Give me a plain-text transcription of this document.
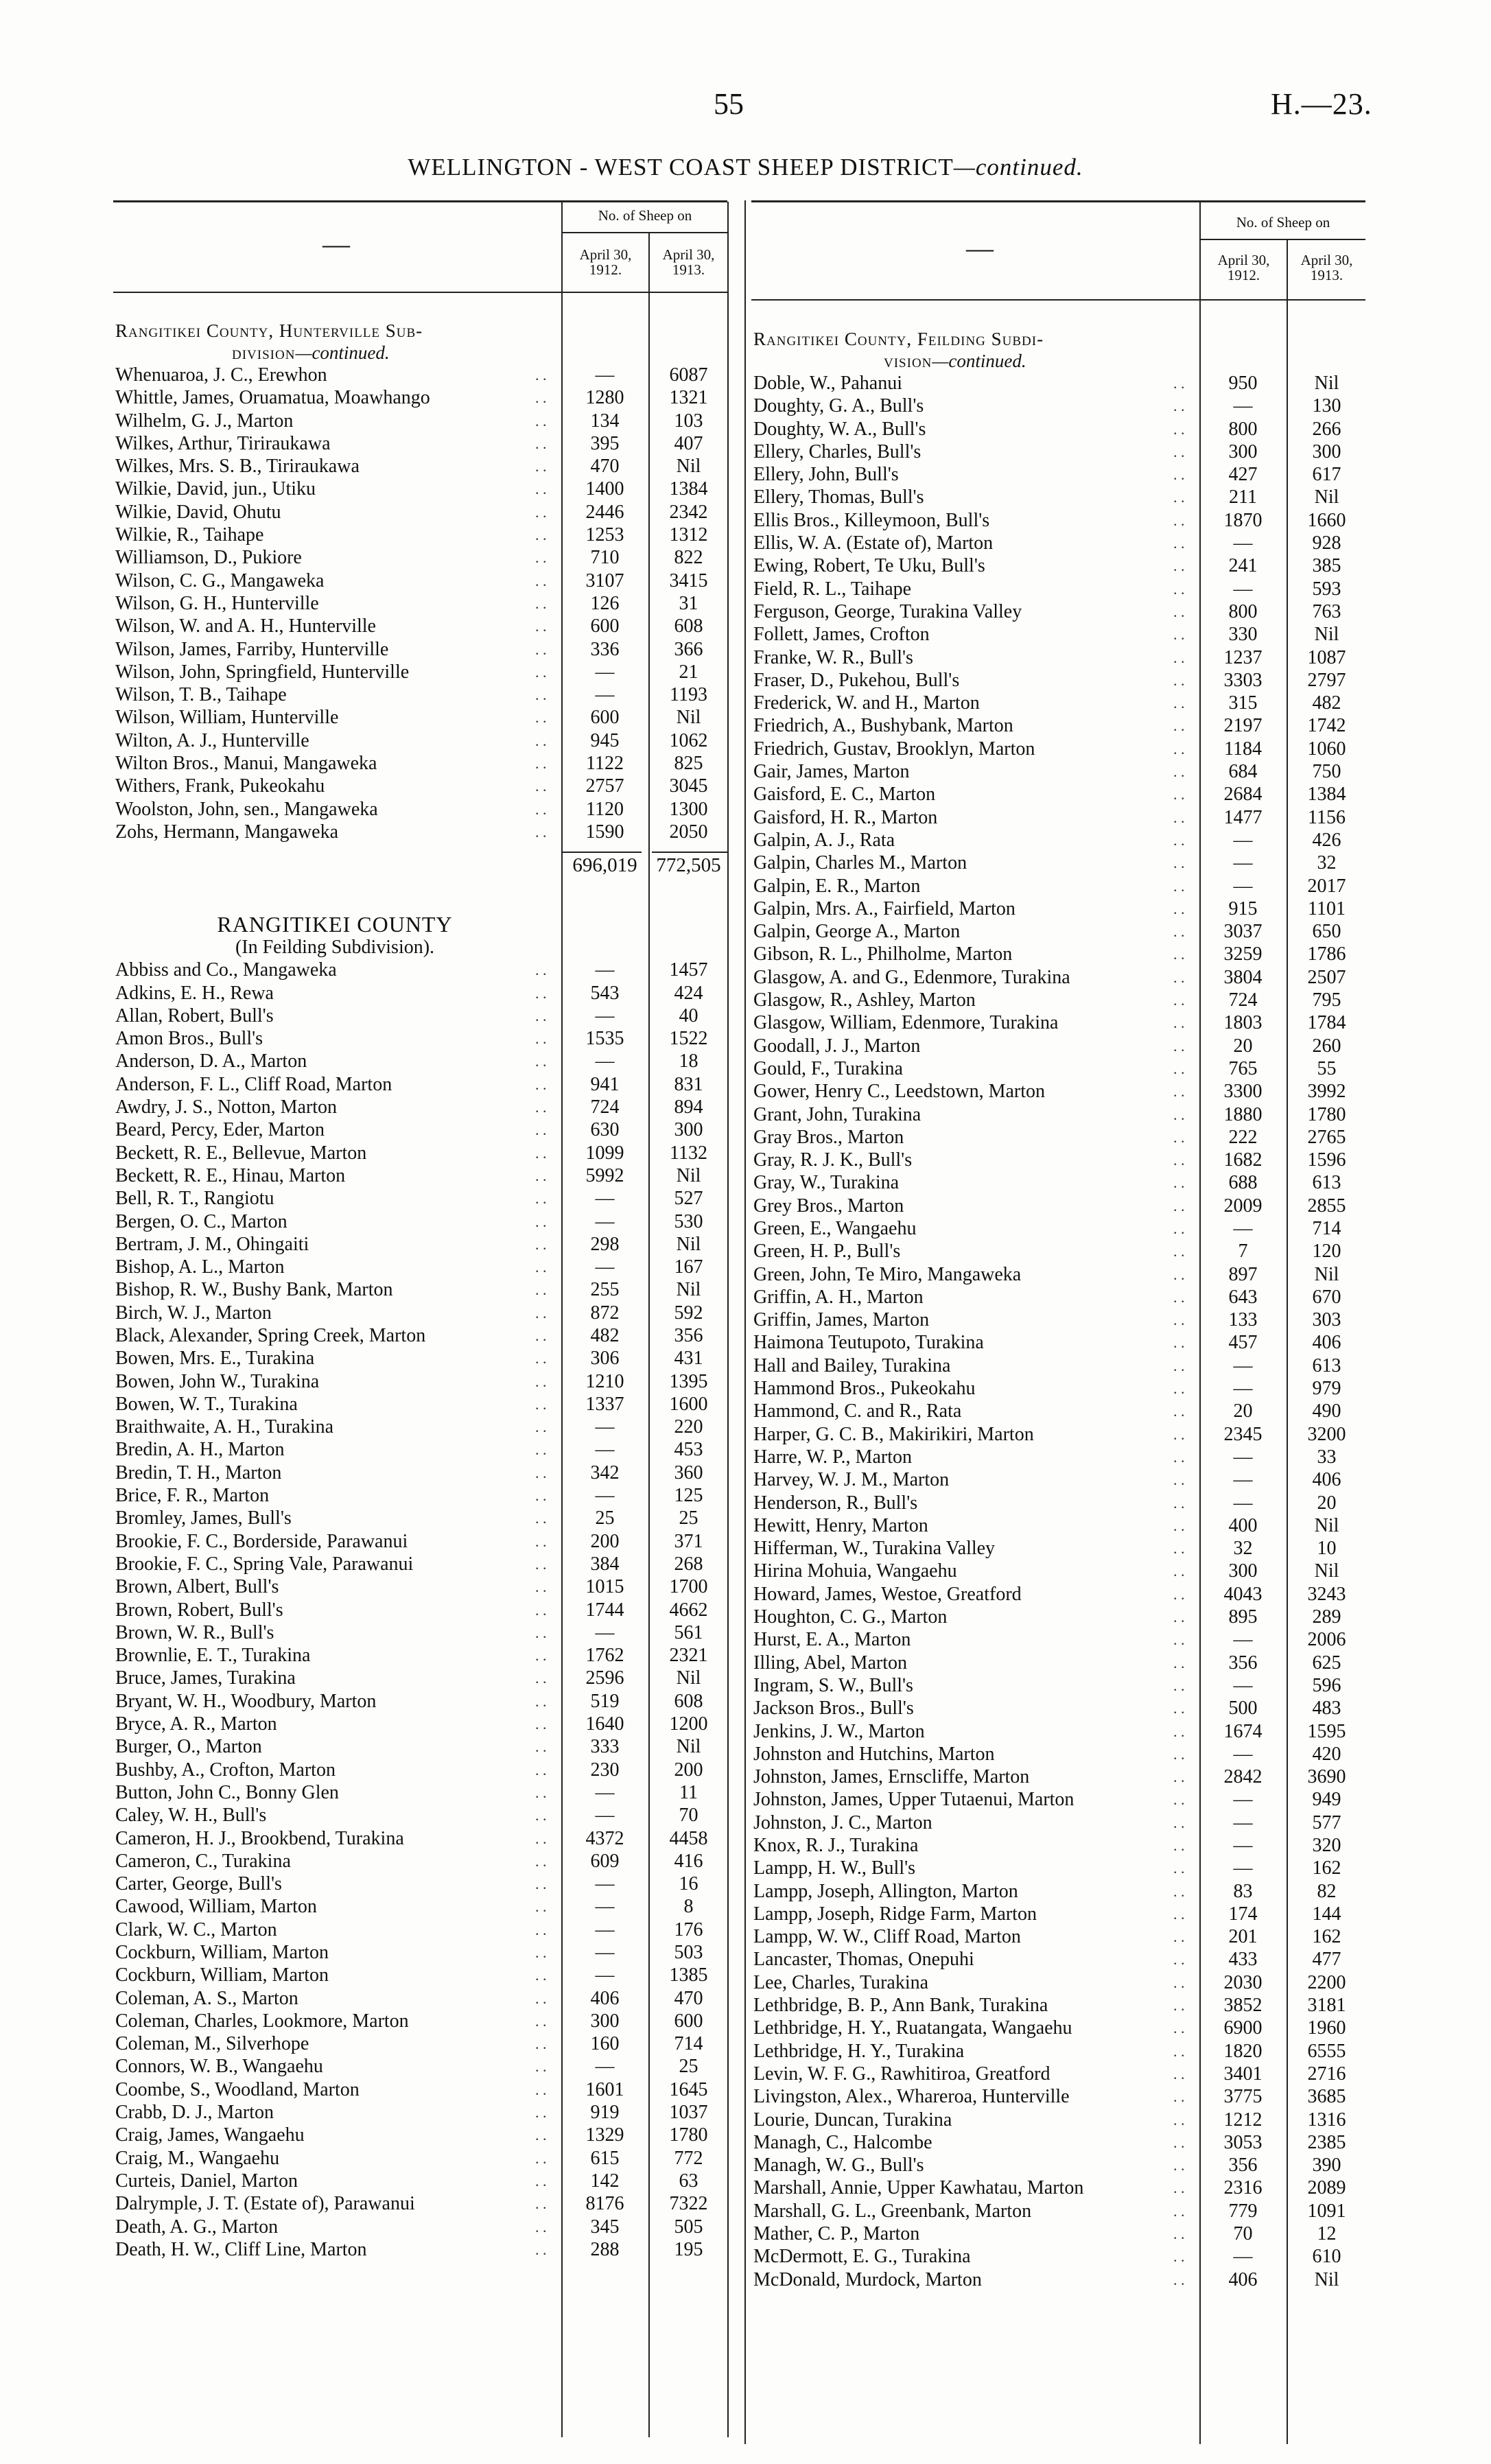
55	H.—23.
WELLINGTON - WEST COAST SHEEP DISTRICT—continued.
—
No. of Sheep on
April 30,
1912.
April 30,
1913.
—
No. of Sheep on
April 30,
1912.
April 30,
1913.
Rangitikei County, Hunterville Sub-
division—continued.
Whenuaroa, J. C., Erewhon	. .	—	6087
Whittle, James, Oruamatua, Moawhango	. .	1280	1321
Wilhelm, G. J., Marton	. .	134	103
Wilkes, Arthur, Tiriraukawa	. .	395	407
Wilkes, Mrs. S. B., Tiriraukawa	. .	470	Nil
Wilkie, David, jun., Utiku	. .	1400	1384
Wilkie, David, Ohutu	. .	2446	2342
Wilkie, R., Taihape	. .	1253	1312
Williamson, D., Pukiore	. .	710	822
Wilson, C. G., Mangaweka	. .	3107	3415
Wilson, G. H., Hunterville	. .	126	31
Wilson, W. and A. H., Hunterville	. .	600	608
Wilson, James, Farriby, Hunterville	. .	336	366
Wilson, John, Springfield, Hunterville	. .	—	21
Wilson, T. B., Taihape	. .	—	1193
Wilson, William, Hunterville	. .	600	Nil
Wilton, A. J., Hunterville	. .	945	1062
Wilton Bros., Manui, Mangaweka	. .	1122	825
Withers, Frank, Pukeokahu	. .	2757	3045
Woolston, John, sen., Mangaweka	. .	1120	1300
Zohs, Hermann, Mangaweka	. .	1590	2050
696,019 772,505
RANGITIKEI COUNTY
(In Feilding Subdivision).
Abbiss and Co., Mangaweka	. .	—	1457
Adkins, E. H., Rewa	. .	543	424
Allan, Robert, Bull's	. .	—	40
Amon Bros., Bull's	. .	1535	1522
Anderson, D. A., Marton	. .	—	18
Anderson, F. L., Cliff Road, Marton	. .	941	831
Awdry, J. S., Notton, Marton	. .	724	894
Beard, Percy, Eder, Marton	. .	630	300
Beckett, R. E., Bellevue, Marton	. .	1099	1132
Beckett, R. E., Hinau, Marton	. .	5992	Nil
Bell, R. T., Rangiotu	. .	—	527
Bergen, O. C., Marton	. .	—	530
Bertram, J. M., Ohingaiti	. .	298	Nil
Bishop, A. L., Marton	. .	—	167
Bishop, R. W., Bushy Bank, Marton	. .	255	Nil
Birch, W. J., Marton	. .	872	592
Black, Alexander, Spring Creek, Marton	. .	482	356
Bowen, Mrs. E., Turakina	. .	306	431
Bowen, John W., Turakina	. .	1210	1395
Bowen, W. T., Turakina	. .	1337	1600
Braithwaite, A. H., Turakina	. .	—	220
Bredin, A. H., Marton	. .	—	453
Bredin, T. H., Marton	. .	342	360
Brice, F. R., Marton	. .	—	125
Bromley, James, Bull's	. .	25	25
Brookie, F. C., Borderside, Parawanui	. .	200	371
Brookie, F. C., Spring Vale, Parawanui	. .	384	268
Brown, Albert, Bull's	. .	1015	1700
Brown, Robert, Bull's	. .	1744	4662
Brown, W. R., Bull's	. .	—	561
Brownlie, E. T., Turakina	. .	1762	2321
Bruce, James, Turakina	. .	2596	Nil
Bryant, W. H., Woodbury, Marton	. .	519	608
Bryce, A. R., Marton	. .	1640	1200
Burger, O., Marton	. .	333	Nil
Bushby, A., Crofton, Marton	. .	230	200
Button, John C., Bonny Glen	. .	—	11
Caley, W. H., Bull's	. .	—	70
Cameron, H. J., Brookbend, Turakina	. .	4372	4458
Cameron, C., Turakina	. .	609	416
Carter, George, Bull's	. .	—	16
Cawood, William, Marton	. .	—	8
Clark, W. C., Marton	. .	—	176
Cockburn, William, Marton	. .	—	503
Cockburn, William, Marton	. .	—	1385
Coleman, A. S., Marton	. .	406	470
Coleman, Charles, Lookmore, Marton	. .	300	600
Coleman, M., Silverhope	. .	160	714
Connors, W. B., Wangaehu	. .	—	25
Coombe, S., Woodland, Marton	. .	1601	1645
Crabb, D. J., Marton	. .	919	1037
Craig, James, Wangaehu	. .	1329	1780
Craig, M., Wangaehu	. .	615	772
Curteis, Daniel, Marton	. .	142	63
Dalrymple, J. T. (Estate of), Parawanui	. .	8176	7322
Death, A. G., Marton	. .	345	505
Death, H. W., Cliff Line, Marton	. .	288	195
Rangitikei County, Feilding Subdi-
vision—continued.
Doble, W., Pahanui	. .	950	Nil
Doughty, G. A., Bull's	. .	—	130
Doughty, W. A., Bull's	. .	800	266
Ellery, Charles, Bull's	. .	300	300
Ellery, John, Bull's	. .	427	617
Ellery, Thomas, Bull's	. .	211	Nil
Ellis Bros., Killeymoon, Bull's	. .	1870	1660
Ellis, W. A. (Estate of), Marton	. .	—	928
Ewing, Robert, Te Uku, Bull's	. .	241	385
Field, R. L., Taihape	. .	—	593
Ferguson, George, Turakina Valley	. .	800	763
Follett, James, Crofton	. .	330	Nil
Franke, W. R., Bull's	. .	1237	1087
Fraser, D., Pukehou, Bull's	. .	3303	2797
Frederick, W. and H., Marton	. .	315	482
Friedrich, A., Bushybank, Marton	. .	2197	1742
Friedrich, Gustav, Brooklyn, Marton	. .	1184	1060
Gair, James, Marton	. .	684	750
Gaisford, E. C., Marton	. .	2684	1384
Gaisford, H. R., Marton	. .	1477	1156
Galpin, A. J., Rata	. .	—	426
Galpin, Charles M., Marton	. .	—	32
Galpin, E. R., Marton	. .	—	2017
Galpin, Mrs. A., Fairfield, Marton	. .	915	1101
Galpin, George A., Marton	. .	3037	650
Gibson, R. L., Philholme, Marton	. .	3259	1786
Glasgow, A. and G., Edenmore, Turakina	. .	3804	2507
Glasgow, R., Ashley, Marton	. .	724	795
Glasgow, William, Edenmore, Turakina	. .	1803	1784
Goodall, J. J., Marton	. .	20	260
Gould, F., Turakina	. .	765	55
Gower, Henry C., Leedstown, Marton	. .	3300	3992
Grant, John, Turakina	. .	1880	1780
Gray Bros., Marton	. .	222	2765
Gray, R. J. K., Bull's	. .	1682	1596
Gray, W., Turakina	. .	688	613
Grey Bros., Marton	. .	2009	2855
Green, E., Wangaehu	. .	—	714
Green, H. P., Bull's	. .	7	120
Green, John, Te Miro, Mangaweka	. .	897	Nil
Griffin, A. H., Marton	. .	643	670
Griffin, James, Marton	. .	133	303
Haimona Teutupoto, Turakina	. .	457	406
Hall and Bailey, Turakina	. .	—	613
Hammond Bros., Pukeokahu	. .	—	979
Hammond, C. and R., Rata	. .	20	490
Harper, G. C. B., Makirikiri, Marton	. .	2345	3200
Harre, W. P., Marton	. .	—	33
Harvey, W. J. M., Marton	. .	—	406
Henderson, R., Bull's	. .	—	20
Hewitt, Henry, Marton	. .	400	Nil
Hifferman, W., Turakina Valley	. .	32	10
Hirina Mohuia, Wangaehu	. .	300	Nil
Howard, James, Westoe, Greatford	. .	4043	3243
Houghton, C. G., Marton	. .	895	289
Hurst, E. A., Marton	. .	—	2006
Illing, Abel, Marton	. .	356	625
Ingram, S. W., Bull's	. .	—	596
Jackson Bros., Bull's	. .	500	483
Jenkins, J. W., Marton	. .	1674	1595
Johnston and Hutchins, Marton	. .	—	420
Johnston, James, Ernscliffe, Marton	. .	2842	3690
Johnston, James, Upper Tutaenui, Marton	. .	—	949
Johnston, J. C., Marton	. .	—	577
Knox, R. J., Turakina	. .	—	320
Lampp, H. W., Bull's	. .	—	162
Lampp, Joseph, Allington, Marton	. .	83	82
Lampp, Joseph, Ridge Farm, Marton	. .	174	144
Lampp, W. W., Cliff Road, Marton	. .	201	162
Lancaster, Thomas, Onepuhi	. .	433	477
Lee, Charles, Turakina	. .	2030	2200
Lethbridge, B. P., Ann Bank, Turakina	. .	3852	3181
Lethbridge, H. Y., Ruatangata, Wangaehu	. .	6900	1960
Lethbridge, H. Y., Turakina	. .	1820	6555
Levin, W. F. G., Rawhitiroa, Greatford	. .	3401	2716
Livingston, Alex., Whareroa, Hunterville	. .	3775	3685
Lourie, Duncan, Turakina	. .	1212	1316
Managh, C., Halcombe	. .	3053	2385
Managh, W. G., Bull's	. .	356	390
Marshall, Annie, Upper Kawhatau, Marton	. .	2316	2089
Marshall, G. L., Greenbank, Marton	. .	779	1091
Mather, C. P., Marton	. .	70	12
McDermott, E. G., Turakina	. .	—	610
McDonald, Murdock, Marton	. .	406	Nil
